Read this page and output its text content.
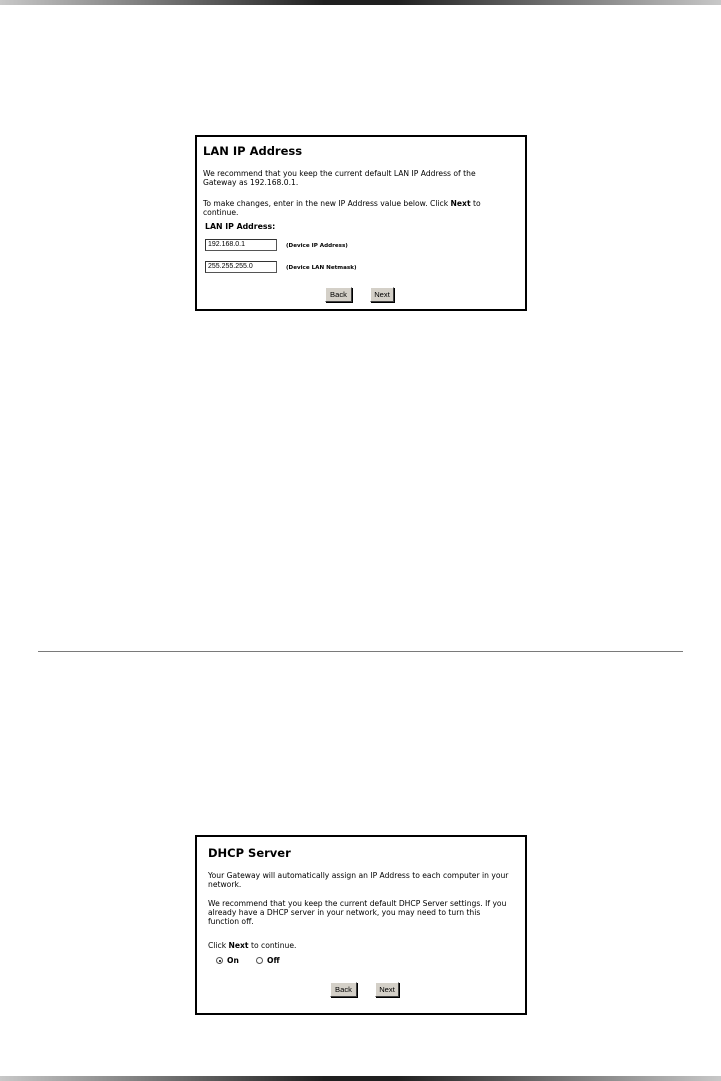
LAN IP Address
We recommend that you keep the current default LAN IP Address of the Gateway as 192.168.0.1.
To make changes, enter in the new IP Address value below. Click Next to continue.
LAN IP Address:
192.168.0.1	(Device IP Address)
255.255.255.0	(Device LAN Netmask)
Back	Next
DHCP Server
Your Gateway will automatically assign an IP Address to each computer in your network.
We recommend that you keep the current default DHCP Server settings. If you already have a DHCP server in your network, you may need to turn this function off.
Click Next to continue.
On	Off
Back	Next
